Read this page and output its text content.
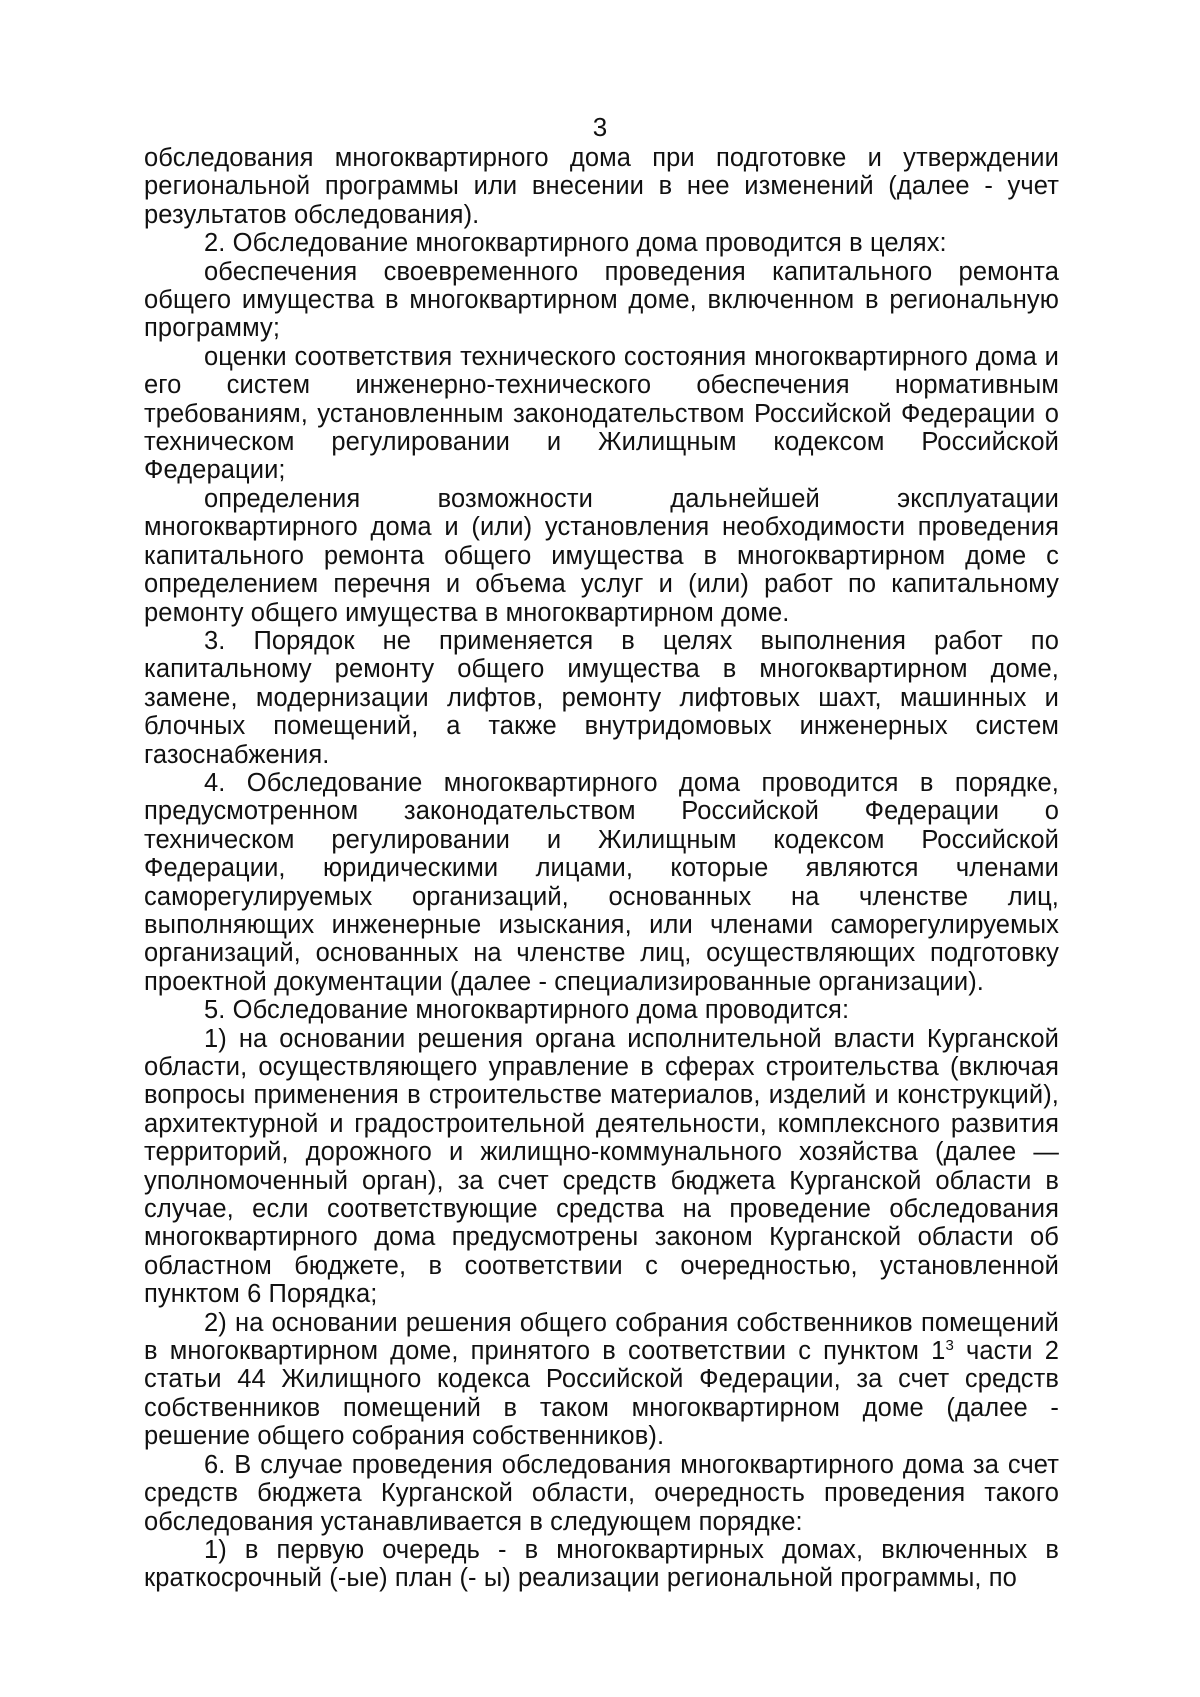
3

обследования многоквартирного дома при подготовке и утверждении региональной программы или внесении в нее изменений (далее - учет результатов обследования).

2. Обследование многоквартирного дома проводится в целях:

обеспечения своевременного проведения капитального ремонта общего имущества в многоквартирном доме, включенном в региональную программу;

оценки соответствия технического состояния многоквартирного дома и его систем инженерно-технического обеспечения нормативным требованиям, установленным законодательством Российской Федерации о техническом регулировании и Жилищным кодексом Российской Федерации;

определения возможности дальнейшей эксплуатации многоквартирного дома и (или) установления необходимости проведения капитального ремонта общего имущества в многоквартирном доме с определением перечня и объема услуг и (или) работ по капитальному ремонту общего имущества в многоквартирном доме.

3. Порядок не применяется в целях выполнения работ по капитальному ремонту общего имущества в многоквартирном доме, замене, модернизации лифтов, ремонту лифтовых шахт, машинных и блочных помещений, а также внутридомовых инженерных систем газоснабжения.

4. Обследование многоквартирного дома проводится в порядке, предусмотренном законодательством Российской Федерации о техническом регулировании и Жилищным кодексом Российской Федерации, юридическими лицами, которые являются членами саморегулируемых организаций, основанных на членстве лиц, выполняющих инженерные изыскания, или членами саморегулируемых организаций, основанных на членстве лиц, осуществляющих подготовку проектной документации (далее - специализированные организации).

5. Обследование многоквартирного дома проводится:

1) на основании решения органа исполнительной власти Курганской области, осуществляющего управление в сферах строительства (включая вопросы применения в строительстве материалов, изделий и конструкций), архитектурной и градостроительной деятельности, комплексного развития территорий, дорожного и жилищно-коммунального хозяйства (далее — уполномоченный орган), за счет средств бюджета Курганской области в случае, если соответствующие средства на проведение обследования многоквартирного дома предусмотрены законом Курганской области об областном бюджете, в соответствии с очередностью, установленной пунктом 6 Порядка;

2) на основании решения общего собрания собственников помещений в многоквартирном доме, принятого в соответствии с пунктом $1^3$ части 2 статьи 44 Жилищного кодекса Российской Федерации, за счет средств собственников помещений в таком многоквартирном доме (далее - решение общего собрания собственников).

6. В случае проведения обследования многоквартирного дома за счет средств бюджета Курганской области, очередность проведения такого обследования устанавливается в следующем порядке:

1) в первую очередь - в многоквартирных домах, включенных в краткосрочный (-ые) план (- ы) реализации региональной программы, по
